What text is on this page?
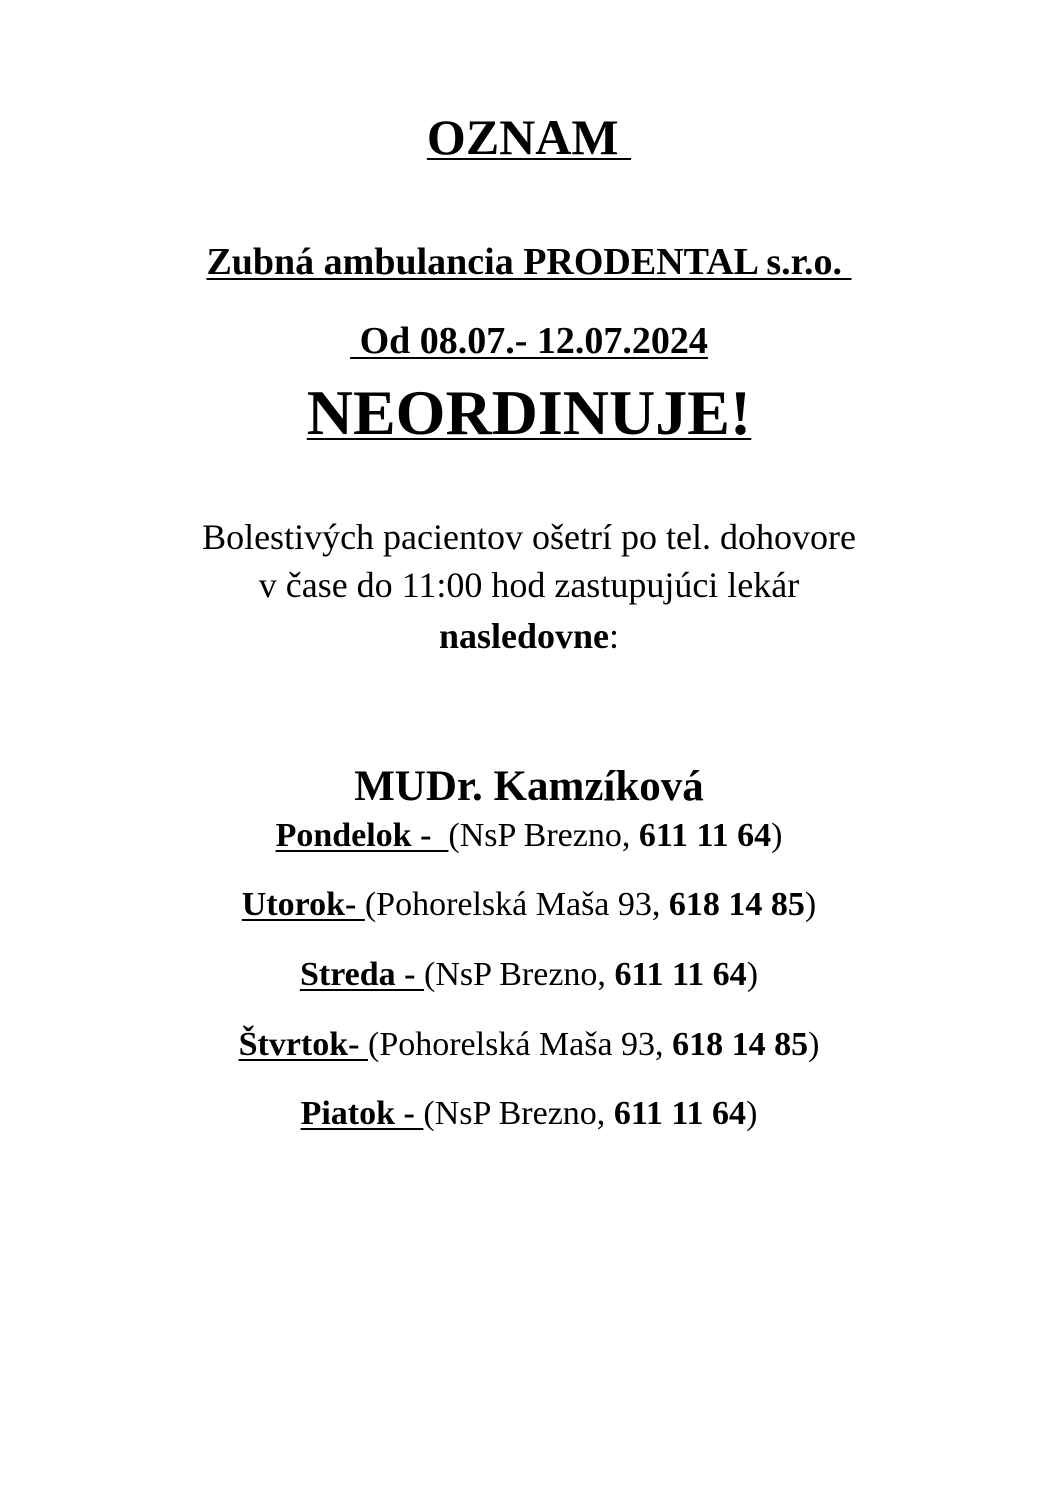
OZNAM
Zubná ambulancia PRODENTAL s.r.o.
Od 08.07.- 12.07.2024
NEORDINUJE!
Bolestivých pacientov ošetrí po tel. dohovore
v čase do 11:00 hod zastupujúci lekár
nasledovne:
MUDr. Kamzíková
Pondelok -  (NsP Brezno, 611 11 64)
Utorok- (Pohorelská Maša 93, 618 14 85)
Streda - (NsP Brezno, 611 11 64)
Štvrtok- (Pohorelská Maša 93, 618 14 85)
Piatok - (NsP Brezno, 611 11 64)
